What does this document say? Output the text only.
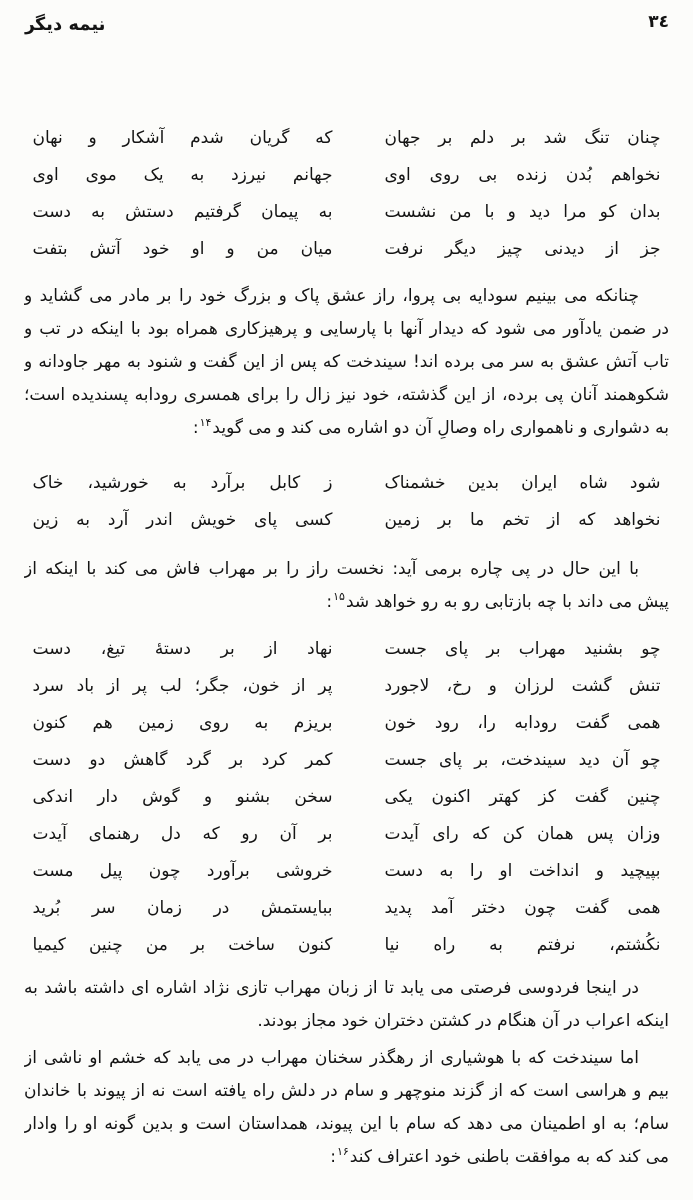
٣٤
نیمه دیگر
چنان تنگ شد بر دلم بر جهان
که گریان شدم آشکار و نهان
نخواهم بُدن زنده بی روی اوی
جهانم نیرزد به یک موی اوی
بدان کو مرا دید و با من نشست
به پیمان گرفتیم دستش به دست
جز از دیدنی چیز دیگر نرفت
میان من و او خود آتش بتفت
چنانکه می بینیم سودایه بی پروا، راز عشق پاک و بزرگ خود را بر مادر می گشاید و
در ضمن یادآور می شود که دیدار آنها با پارسایی و پرهیزکاری همراه بود با اینکه در تب و
تاب آتش عشق به سر می برده اند! سیندخت که پس از این گفت و شنود به مهر جاودانه و
شکوهمند آنان پی برده، از این گذشته، خود نیز زال را برای همسری رودابه پسندیده است؛
به دشواری و ناهمواری راه وصالِ آن دو اشاره می کند و می گوید$^{۱۴}$:
شود شاه ایران بدین خشمناک
ز کابل برآرد به خورشید، خاک
نخواهد که از تخم ما بر زمین
کسی پای خویش اندر آرد به زین
با این حال در پی چاره برمی آید: نخست راز را بر مهراب فاش می کند با اینکه از
پیش می داند با چه بازتابی رو به رو خواهد شد$^{۱۵}$:
چو بشنید مهراب بر پای جست
نهاد از بر دستهٔ تیغ، دست
تنش گشت لرزان و رخ، لاجورد
پر از خون، جگر؛ لب پر از باد سرد
همی گفت رودابه را، رود خون
بریزم به روی زمین هم کنون
چو آن دید سیندخت، بر پای جست
کمر کرد بر گرد گاهش دو دست
چنین گفت کز کهتر اکنون یکی
سخن بشنو و گوش دار اندکی
وزان پس همان کن که رای آیدت
بر آن رو که دل رهنمای آیدت
بپیچید و انداخت او را به دست
خروشی برآورد چون پیل مست
همی گفت چون دختر آمد پدید
ببایستمش در زمان سر بُرید
نکُشتم، نرفتم به راه نیا
کنون ساخت بر من چنین کیمیا
در اینجا فردوسی فرصتی می یابد تا از زبان مهراب تازی نژاد اشاره ای داشته باشد به
اینکه اعراب در آن هنگام در کشتن دختران خود مجاز بودند.
اما سیندخت که با هوشیاری از رهگذر سخنان مهراب در می یابد که خشم او ناشی از
بیم و هراسی است که از گزند منوچهر و سام در دلش راه یافته است نه از پیوند با خاندان
سام؛ به او اطمینان می دهد که سام با این پیوند، همداستان است و بدین گونه او را وادار
می کند که به موافقت باطنی خود اعتراف کند$^{۱۶}$:
